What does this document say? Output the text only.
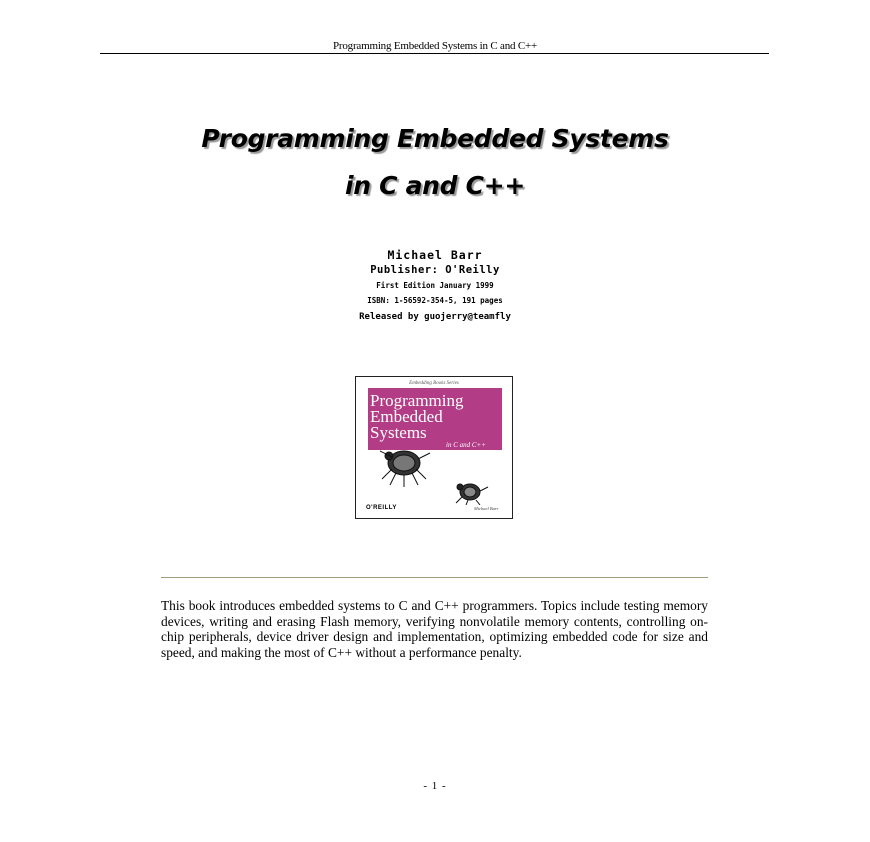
Programming Embedded Systems in C and C++
Programming Embedded Systems
in C and C++
Michael Barr
Publisher: O'Reilly
First Edition January 1999
ISBN: 1-56592-354-5, 191 pages
Released by guojerry@teamfly
Embedding Books Series
Programming
Embedded
Systems
in C and C++
O'REILLY	Michael Barr

This book introduces embedded systems to C and C++ programmers. Topics include testing memory devices, writing and erasing Flash memory, verifying nonvolatile memory contents, controlling on-chip peripherals, device driver design and implementation, optimizing embedded code for size and speed, and making the most of C++ without a performance penalty.

- 1 -
